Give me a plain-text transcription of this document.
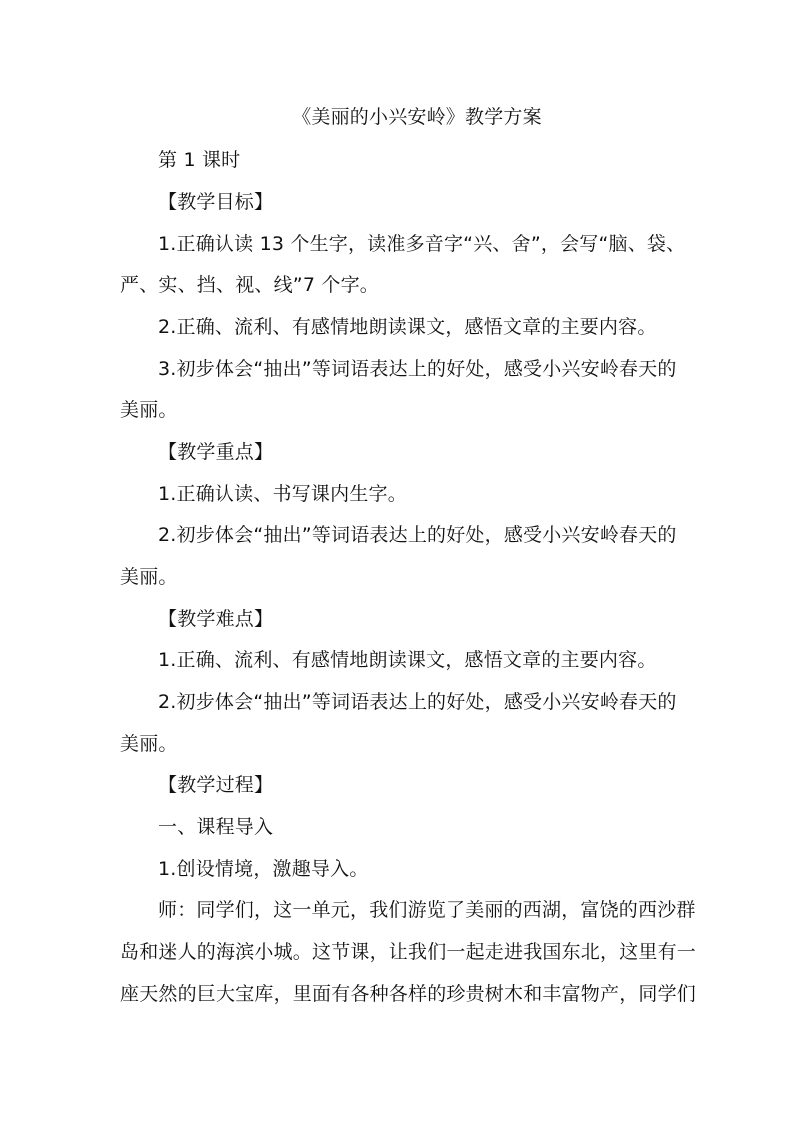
《美丽的小兴安岭》教学方案
第 1 课时
【教学目标】
1.正确认读 13 个生字，读准多音字“兴、舍”，会写“脑、袋、
严、实、挡、视、线”7 个字。
2.正确、流利、有感情地朗读课文，感悟文章的主要内容。
3.初步体会“抽出”等词语表达上的好处，感受小兴安岭春天的
美丽。
【教学重点】
1.正确认读、书写课内生字。
2.初步体会“抽出”等词语表达上的好处，感受小兴安岭春天的
美丽。
【教学难点】
1.正确、流利、有感情地朗读课文，感悟文章的主要内容。
2.初步体会“抽出”等词语表达上的好处，感受小兴安岭春天的
美丽。
【教学过程】
一、课程导入
1.创设情境，激趣导入。
师：同学们，这一单元，我们游览了美丽的西湖，富饶的西沙群
岛和迷人的海滨小城。这节课，让我们一起走进我国东北，这里有一
座天然的巨大宝库，里面有各种各样的珍贵树木和丰富物产，同学们
